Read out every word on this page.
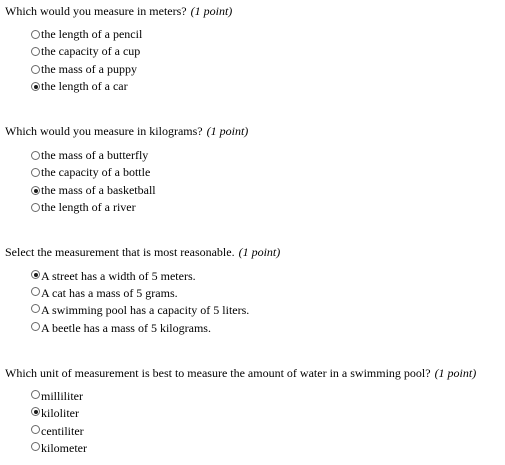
Which would you measure in meters? (1 point)
the length of a pencil
the capacity of a cup
the mass of a puppy
the length of a car
Which would you measure in kilograms? (1 point)
the mass of a butterfly
the capacity of a bottle
the mass of a basketball
the length of a river
Select the measurement that is most reasonable. (1 point)
A street has a width of 5 meters.
A cat has a mass of 5 grams.
A swimming pool has a capacity of 5 liters.
A beetle has a mass of 5 kilograms.
Which unit of measurement is best to measure the amount of water in a swimming pool? (1 point)
milliliter
kiloliter
centiliter
kilometer
